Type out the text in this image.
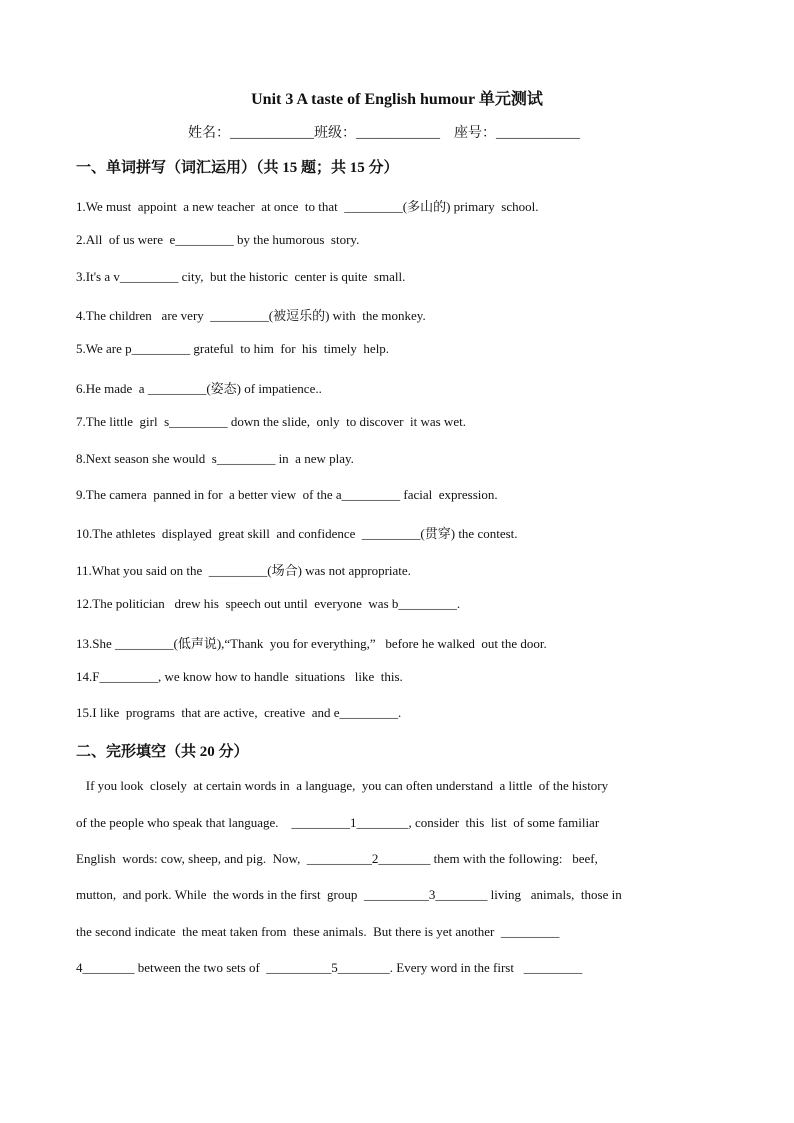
Unit 3 A taste of English humour 单元测试
姓名：____________班级：____________    座号：____________
一、单词拼写（词汇运用）（共 15 题；共 15 分）
1.We must  appoint  a new teacher  at once  to that  _________(多山的) primary  school.
2.All  of us were  e_________ by the humorous  story.
3.It's a v_________ city,  but the historic  center is quite  small.
4.The children   are very  _________(被逗乐的) with  the monkey.
5.We are p_________ grateful  to him  for  his  timely  help.
6.He made  a _________(姿态) of impatience..
7.The little  girl  s_________ down the slide,  only  to discover  it was wet.
8.Next season she would  s_________ in  a new play.
9.The camera  panned in for  a better view  of the a_________ facial  expression.
10.The athletes  displayed  great skill  and confidence  _________(贯穿) the contest.
11.What you said on the  _________(场合) was not appropriate.
12.The politician   drew his  speech out until  everyone  was b_________.
13.She _________(低声说),“Thank  you for everything,”   before he walked  out the door.
14.F_________, we know how to handle  situations   like  this.
15.I like  programs  that are active,  creative  and e_________.
二、完形填空（共 20 分）
If you look  closely  at certain words in  a language,  you can often understand  a little  of the history
of the people who speak that language.    _________1________, consider  this  list  of some familiar
English  words: cow, sheep, and pig.  Now,  __________2________ them with the following:   beef,
mutton,  and pork. While  the words in the first  group  __________3________ living   animals,  those in
the second indicate  the meat taken from  these animals.  But there is yet another  _________
4________ between the two sets of  __________5________. Every word in the first   _________
